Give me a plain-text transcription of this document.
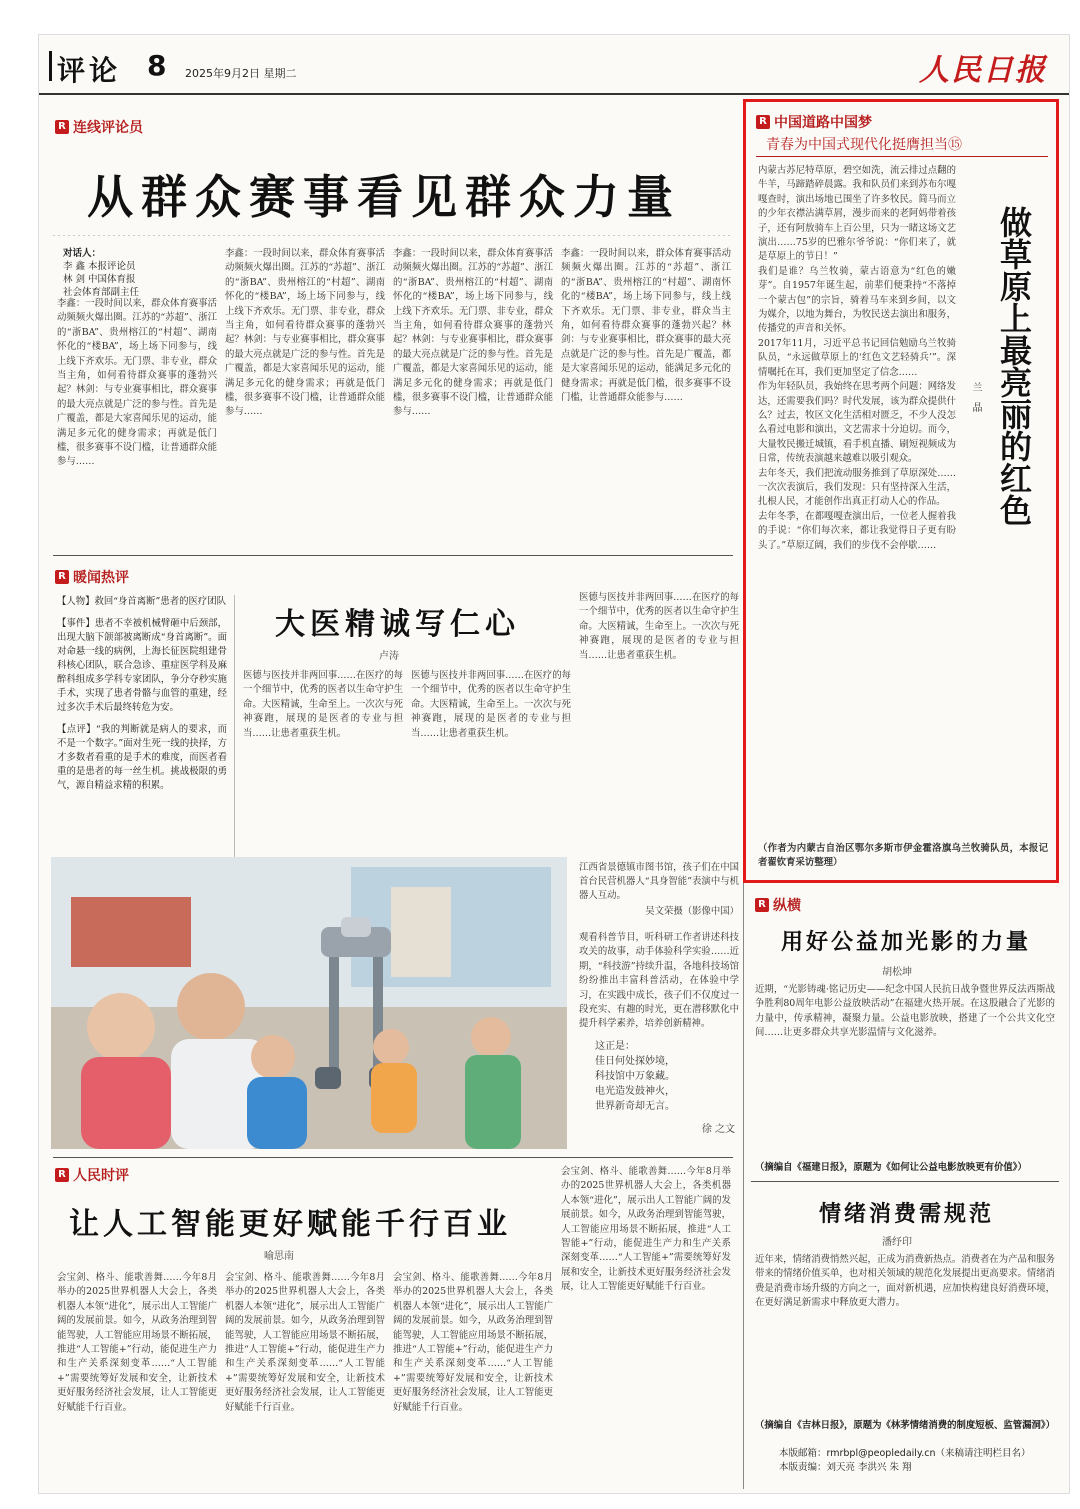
评论 8 2025年9月2日 星期二	人民日报
R 连线评论员
从群众赛事看见群众力量
对话人：
李 鑫 本报评论员
林 剑 中国体育报
社会体育部副主任
李鑫：一段时间以来，群众体育赛事活动频频火爆出圈。江苏的“苏超”、浙江的“浙BA”、贵州榕江的“村超”、湖南怀化的“楼BA”，场上场下同参与，线上线下齐欢乐。无门票、非专业，群众当主角，如何看待群众赛事的蓬勃兴起？林剑：与专业赛事相比，群众赛事的最大亮点就是广泛的参与性。首先是广覆盖，都是大家喜闻乐见的运动，能满足多元化的健身需求；再就是低门槛，很多赛事不设门槛，让普通群众能参与……
李鑫：一段时间以来，群众体育赛事活动频频火爆出圈。江苏的“苏超”、浙江的“浙BA”、贵州榕江的“村超”、湖南怀化的“楼BA”，场上场下同参与，线上线下齐欢乐。无门票、非专业，群众当主角，如何看待群众赛事的蓬勃兴起？林剑：与专业赛事相比，群众赛事的最大亮点就是广泛的参与性。首先是广覆盖，都是大家喜闻乐见的运动，能满足多元化的健身需求；再就是低门槛，很多赛事不设门槛，让普通群众能参与……
李鑫：一段时间以来，群众体育赛事活动频频火爆出圈。江苏的“苏超”、浙江的“浙BA”、贵州榕江的“村超”、湖南怀化的“楼BA”，场上场下同参与，线上线下齐欢乐。无门票、非专业，群众当主角，如何看待群众赛事的蓬勃兴起？林剑：与专业赛事相比，群众赛事的最大亮点就是广泛的参与性。首先是广覆盖，都是大家喜闻乐见的运动，能满足多元化的健身需求；再就是低门槛，很多赛事不设门槛，让普通群众能参与……
李鑫：一段时间以来，群众体育赛事活动频频火爆出圈。江苏的“苏超”、浙江的“浙BA”、贵州榕江的“村超”、湖南怀化的“楼BA”，场上场下同参与，线上线下齐欢乐。无门票、非专业，群众当主角，如何看待群众赛事的蓬勃兴起？林剑：与专业赛事相比，群众赛事的最大亮点就是广泛的参与性。首先是广覆盖，都是大家喜闻乐见的运动，能满足多元化的健身需求；再就是低门槛，很多赛事不设门槛，让普通群众能参与……
R 暖闻热评
【人物】救回“身首离断”患者的医疗团队
【事件】患者不幸被机械臂砸中后颈部，出现大脑下颌部被离断成“身首离断”。面对命悬一线的病例，上海长征医院组建骨科核心团队，联合急诊、重症医学科及麻醉科组成多学科专家团队，争分夺秒实施手术，实现了患者骨骼与血管的重建，经过多次手术后最终转危为安。
【点评】“我的判断就是病人的要求，而不是一个数字。”面对生死一线的抉择，方才多数者看重的是手术的难度，而医者看重的是患者的每一丝生机。挑战极限的勇气，源自精益求精的积累。
大医精诚写仁心
卢涛
医德与医技并非两回事……在医疗的每一个细节中，优秀的医者以生命守护生命。大医精诚，生命至上。一次次与死神赛跑，展现的是医者的专业与担当……让患者重获生机。
医德与医技并非两回事……在医疗的每一个细节中，优秀的医者以生命守护生命。大医精诚，生命至上。一次次与死神赛跑，展现的是医者的专业与担当……让患者重获生机。
医德与医技并非两回事……在医疗的每一个细节中，优秀的医者以生命守护生命。大医精诚，生命至上。一次次与死神赛跑，展现的是医者的专业与担当……让患者重获生机。
江西省景德镇市图书馆，孩子们在中国首台民营机器人“具身智能”表演中与机器人互动。
吴文荣摄（影像中国）
观看科普节目，听科研工作者讲述科技攻关的故事，动手体验科学实验……近期，“科技游”持续升温，各地科技场馆纷纷推出丰富科普活动，在体验中学习，在实践中成长，孩子们不仅度过一段充实、有趣的时光，更在潜移默化中提升科学素养，培养创新精神。
这正是：
佳日何处探妙境，
科技馆中万象藏。
电光造发鼓神火，
世界新奇却无言。
徐 之文
R 人民时评
让人工智能更好赋能千行百业
喻思南
会宝剑、格斗、能歌善舞……今年8月举办的2025世界机器人大会上，各类机器人本领“进化”，展示出人工智能广阔的发展前景。如今，从政务治理到智能驾驶，人工智能应用场景不断拓展，推进“人工智能+”行动，能促进生产力和生产关系深刻变革……“人工智能+”需要统筹好发展和安全，让新技术更好服务经济社会发展，让人工智能更好赋能千行百业。
会宝剑、格斗、能歌善舞……今年8月举办的2025世界机器人大会上，各类机器人本领“进化”，展示出人工智能广阔的发展前景。如今，从政务治理到智能驾驶，人工智能应用场景不断拓展，推进“人工智能+”行动，能促进生产力和生产关系深刻变革……“人工智能+”需要统筹好发展和安全，让新技术更好服务经济社会发展，让人工智能更好赋能千行百业。
会宝剑、格斗、能歌善舞……今年8月举办的2025世界机器人大会上，各类机器人本领“进化”，展示出人工智能广阔的发展前景。如今，从政务治理到智能驾驶，人工智能应用场景不断拓展，推进“人工智能+”行动，能促进生产力和生产关系深刻变革……“人工智能+”需要统筹好发展和安全，让新技术更好服务经济社会发展，让人工智能更好赋能千行百业。
会宝剑、格斗、能歌善舞……今年8月举办的2025世界机器人大会上，各类机器人本领“进化”，展示出人工智能广阔的发展前景。如今，从政务治理到智能驾驶，人工智能应用场景不断拓展，推进“人工智能+”行动，能促进生产力和生产关系深刻变革……“人工智能+”需要统筹好发展和安全，让新技术更好服务经济社会发展，让人工智能更好赋能千行百业。
R 中国道路中国梦
青春为中国式现代化挺膺担当⑮
内蒙古苏尼特草原，碧空如洗，流云排过点翻的牛羊，马蹄踏碎晨露。我和队员们来到苏布尔嘎嘎查时，演出场地已围坐了许多牧民。简马而立的少年衣襟沾满草屑，漫步而来的老阿妈带着孩子，还有阿敖骑车上百公里，只为一睹这场文艺演出……75岁的巴雅尔爷爷说：“你们来了，就是草原上的节日！”
我们是谁？乌兰牧骑，蒙古语意为“红色的嫩芽”。自1957年诞生起，前辈们便秉持“不落掉一个蒙古包”的宗旨，骑着马车来到乡间，以文为媒介，以地为舞台，为牧民送去演出和服务，传播党的声音和关怀。
2017年11月，习近平总书记回信勉励乌兰牧骑队员，“永远做草原上的‘红色文艺轻骑兵’”。深情嘱托在耳，我们更加坚定了信念……
作为年轻队员，我始终在思考两个问题：网络发达，还需要我们吗？时代发展，该为群众提供什么？过去，牧区文化生活相对匮乏，不少人没怎么看过电影和演出，文艺需求十分迫切。而今，大量牧民搬迁城镇，看手机直播、刷短视频成为日常，传统表演越来越难以吸引观众。
去年冬天，我们把流动服务推到了草原深处……一次次表演后，我们发现：只有坚持深入生活，扎根人民，才能创作出真正打动人心的作品。
去年冬季，在都嘎嘎查演出后，一位老人握着我的手说：“你们每次来，都让我觉得日子更有盼头了。”草原辽阔，我们的步伐不会停歇……
做草原上最亮丽的红色
兰晶
（作者为内蒙古自治区鄂尔多斯市伊金霍洛旗乌兰牧骑队员，本报记者翟钦育采访整理）
R 纵横
用好公益加光影的力量
胡松坤
近期，“光影铸魂·铭记历史——纪念中国人民抗日战争暨世界反法西斯战争胜利80周年电影公益放映活动”在福建火热开展。在这股融合了光影的力量中，传承精神，凝聚力量。公益电影放映，搭建了一个公共文化空间……让更多群众共享光影温情与文化滋养。
（摘编自《福建日报》，原题为《如何让公益电影放映更有价值》）
情绪消费需规范
潘纾印
近年来，情绪消费悄然兴起，正成为消费新热点。消费者在为产品和服务带来的情绪价值买单，也对相关领域的规范化发展提出更高要求。情绪消费是消费市场升级的方向之一，面对新机遇，应加快构建良好消费环境，在更好满足新需求中释放更大潜力。
（摘编自《吉林日报》，原题为《林茅情绪消费的制度短板、监管漏洞》）
本版邮箱：rmrbpl@peopledaily.cn（来稿请注明栏目名）
本版责编：刘天亮 李洪兴 朱 翔
